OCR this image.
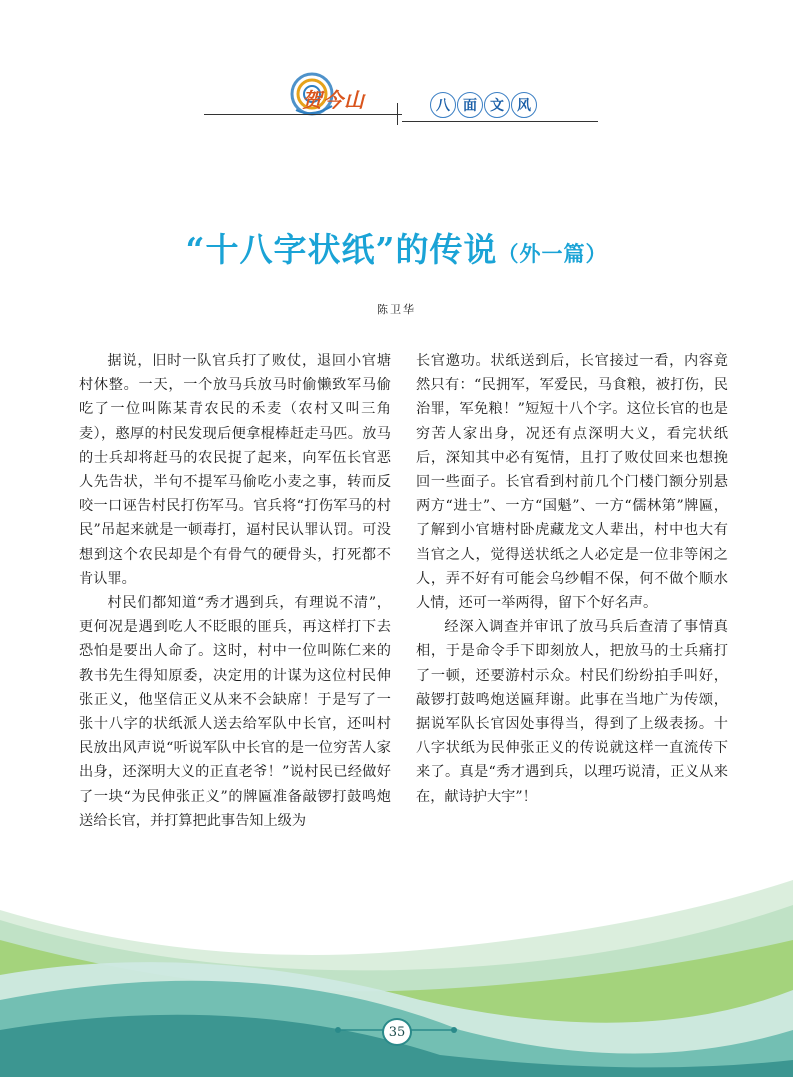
贺今山	八 面 文 风
“十八字状纸”的传说（外一篇）
陈卫华

据说，旧时一队官兵打了败仗，退回小官塘村休整。一天，一个放马兵放马时偷懒致军马偷吃了一位叫陈某青农民的禾麦（农村又叫三角麦），憨厚的村民发现后便拿棍棒赶走马匹。放马的士兵却将赶马的农民捉了起来，向军伍长官恶人先告状，半句不提军马偷吃小麦之事，转而反咬一口诬告村民打伤军马。官兵将“打伤军马的村民”吊起来就是一顿毒打，逼村民认罪认罚。可没想到这个农民却是个有骨气的硬骨头，打死都不肯认罪。

村民们都知道“秀才遇到兵，有理说不清”，更何况是遇到吃人不眨眼的匪兵，再这样打下去恐怕是要出人命了。这时，村中一位叫陈仁来的教书先生得知原委，决定用的计谋为这位村民伸张正义，他坚信正义从来不会缺席！于是写了一张十八字的状纸派人送去给军队中长官，还叫村民放出风声说“听说军队中长官的是一位穷苦人家出身，还深明大义的正直老爷！”说村民已经做好了一块“为民伸张正义”的牌匾准备敲锣打鼓鸣炮送给长官，并打算把此事告知上级为

长官邀功。状纸送到后，长官接过一看，内容竟然只有：“民拥军，军爱民，马食粮，被打伤，民治罪，军免粮！”短短十八个字。这位长官的也是穷苦人家出身，况还有点深明大义，看完状纸后，深知其中必有冤情，且打了败仗回来也想挽回一些面子。长官看到村前几个门楼门额分别悬两方“进士”、一方“国魁”、一方“儒林第”牌匾，了解到小官塘村卧虎藏龙文人辈出，村中也大有当官之人，觉得送状纸之人必定是一位非等闲之人，弄不好有可能会乌纱帽不保，何不做个顺水人情，还可一举两得，留下个好名声。

经深入调查并审讯了放马兵后查清了事情真相，于是命令手下即刻放人，把放马的士兵痛打了一顿，还要游村示众。村民们纷纷拍手叫好，敲锣打鼓鸣炮送匾拜谢。此事在当地广为传颂，据说军队长官因处事得当，得到了上级表扬。十八字状纸为民伸张正义的传说就这样一直流传下来了。真是“秀才遇到兵，以理巧说清，正义从来在，献诗护大宇”！

35
